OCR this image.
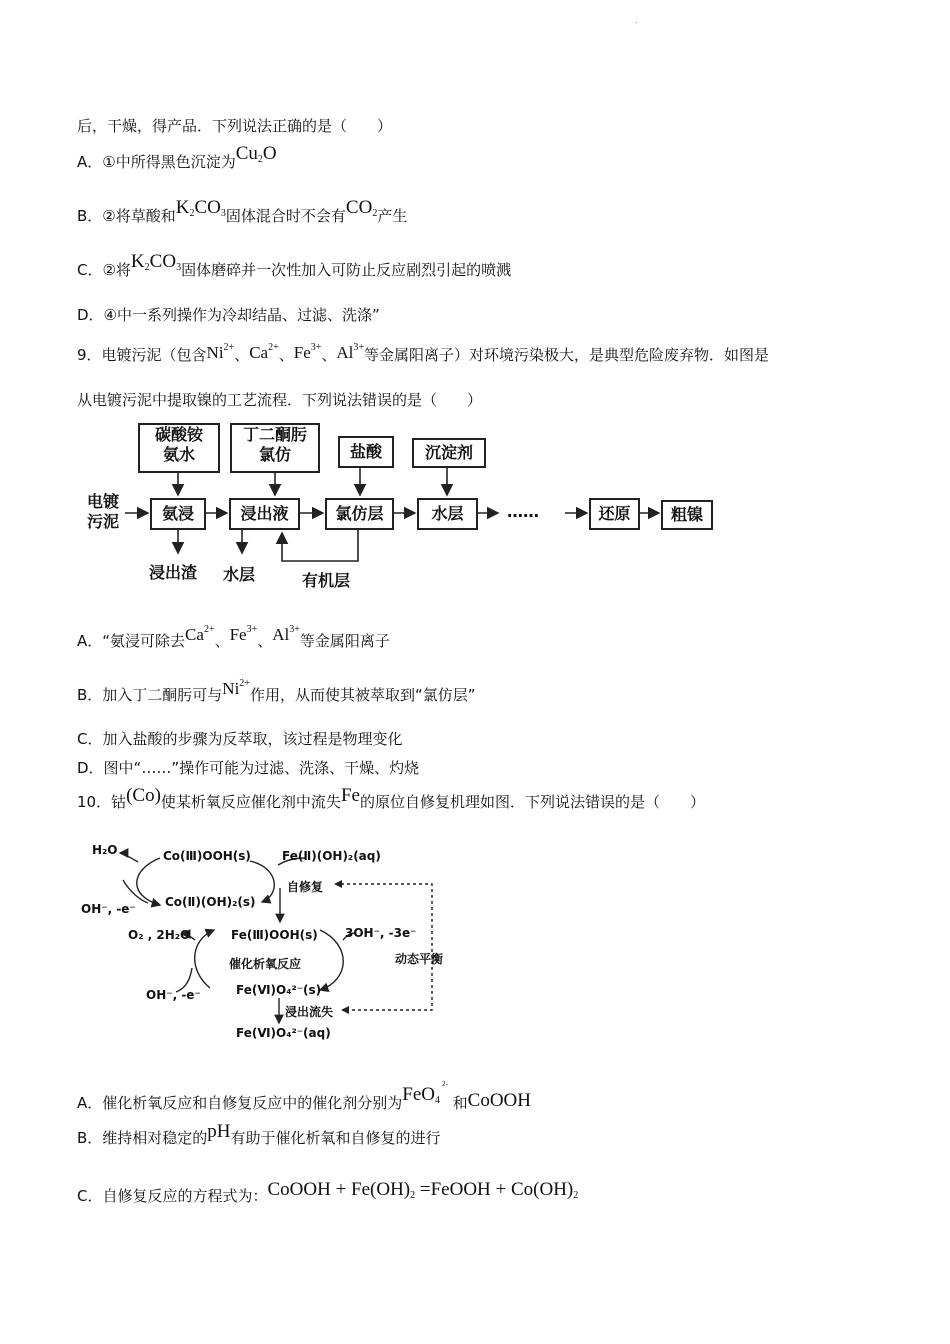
后，干燥，得产品．下列说法正确的是（　　）
A．①中所得黑色沉淀为$Cu_2O$
B．②将草酸和$K_2CO_3$固体混合时不会有$CO_2$产生
C．②将$K_2CO_3$固体磨碎并一次性加入可防止反应剧烈引起的喷溅
D．④中一系列操作为冷却结晶、过滤、洗涤”
9．电镀污泥（包含$Ni^{2+}$、$Ca^{2+}$、$Fe^{3+}$、$Al^{3+}$等金属阳离子）对环境污染极大，是典型危险废弃物．如图是
从电镀污泥中提取镍的工艺流程．下列说法错误的是（　　）
电镀
污泥
碳酸铵
氨水
丁二酮肟
氯仿	盐酸	沉淀剂
氨浸	浸出液	氯仿层	水层	……	还原	粗镍
浸出渣 水层	有机层
A．“氨浸可除去$Ca^{2+}$、$Fe^{3+}$、$Al^{3+}$等金属阳离子
B．加入丁二酮肟可与$Ni^{2+}$作用，从而使其被萃取到“氯仿层”
C．加入盐酸的步骤为反萃取，该过程是物理变化
D．图中“……”操作可能为过滤、洗涤、干燥、灼烧
10．钴(Co)使某析氧反应催化剂中流失Fe的原位自修复机理如图．下列说法错误的是（　　）
H₂O
OH⁻, -e⁻
Co(Ⅲ)OOH(s)
Co(Ⅱ)(OH)₂(s)
Fe(Ⅱ)(OH)₂(aq)
自修复
O₂ , 2H₂O	Fe(Ⅲ)OOH(s) 3OH⁻, -3e⁻
催化析氧反应	动态平衡
OH⁻, -e⁻	Fe(Ⅵ)O₄²⁻(s)
浸出流失
Fe(Ⅵ)O₄²⁻(aq)
A．催化析氧反应和自修复反应中的催化剂分别为FeO$_4^{2-}$ 和CoOOH
B．维持相对稳定的pH有助于催化析氧和自修复的进行
C．自修复反应的方程式为：CoOOH + $Fe(OH)_2$ =FeOOH + $Co(OH)_2$
